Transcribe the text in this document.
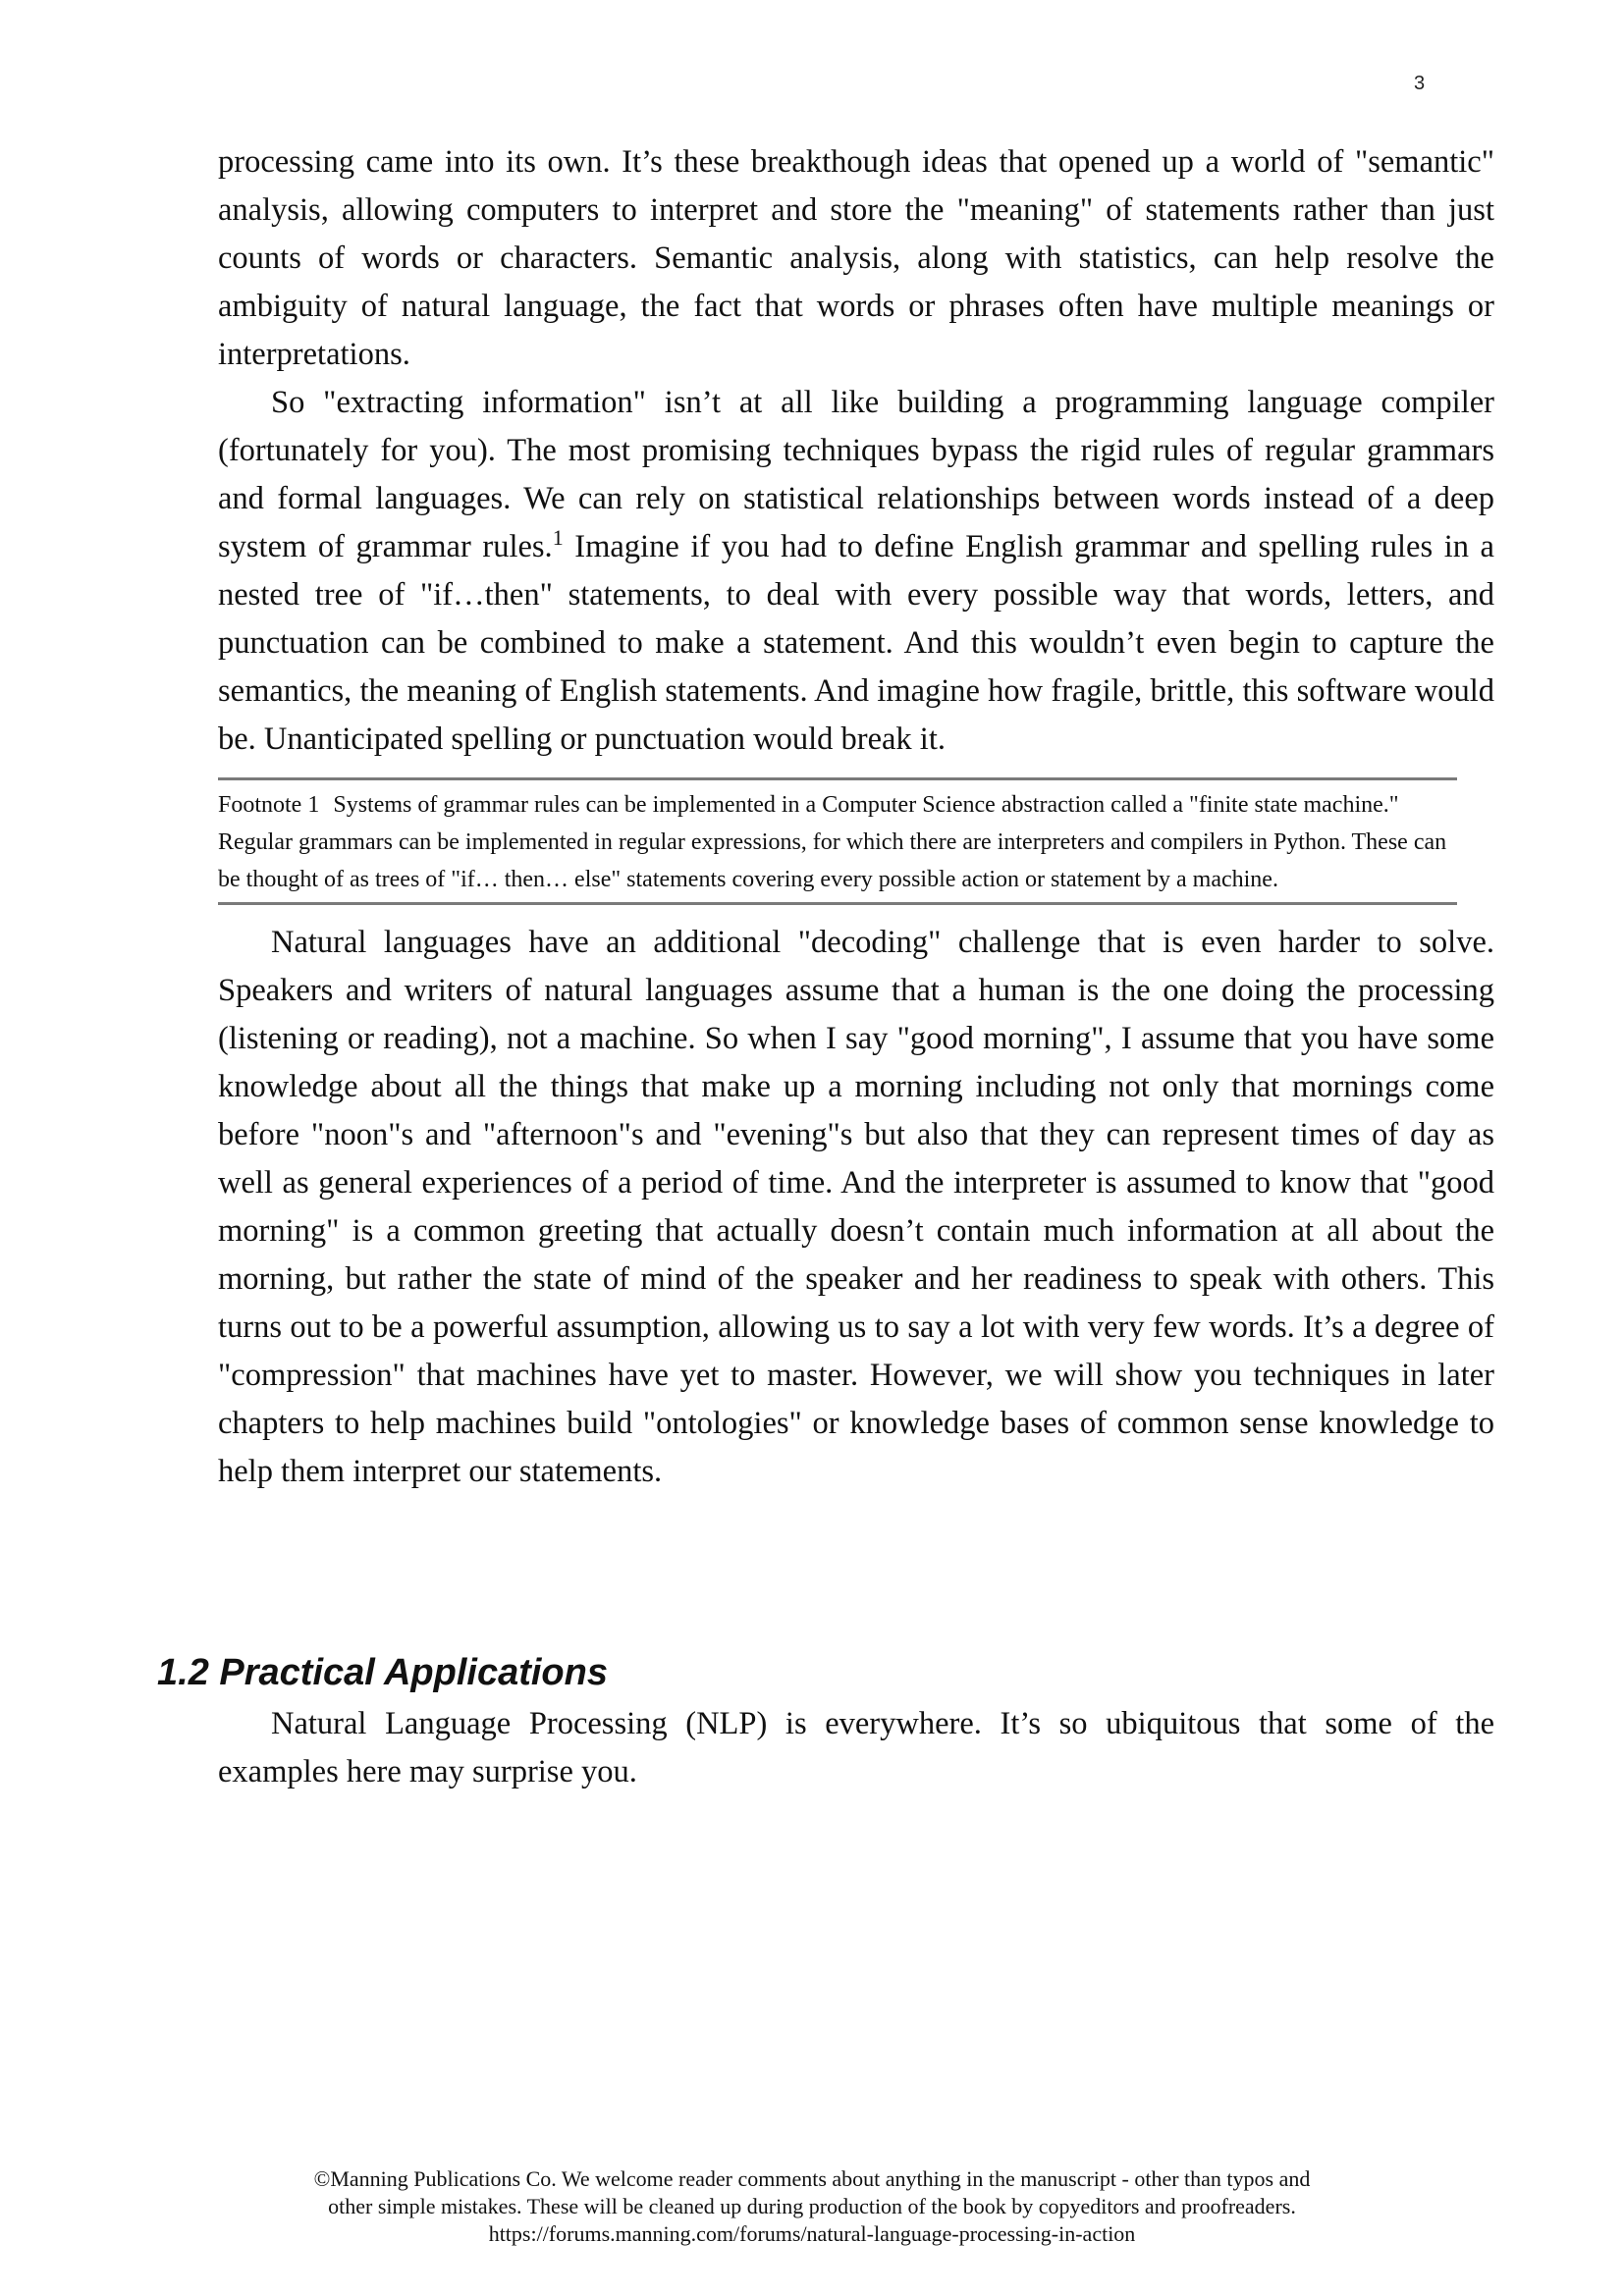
3

processing came into its own. It’s these breakthough ideas that opened up a world of "semantic" analysis, allowing computers to interpret and store the "meaning" of statements rather than just counts of words or characters. Semantic analysis, along with statistics, can help resolve the ambiguity of natural language, the fact that words or phrases often have multiple meanings or interpretations.

So "extracting information" isn’t at all like building a programming language compiler (fortunately for you). The most promising techniques bypass the rigid rules of regular grammars and formal languages. We can rely on statistical relationships between words instead of a deep system of grammar rules.$^1$ Imagine if you had to define English grammar and spelling rules in a nested tree of "if…then" statements, to deal with every possible way that words, letters, and punctuation can be combined to make a statement. And this wouldn’t even begin to capture the semantics, the meaning of English statements. And imagine how fragile, brittle, this software would be. Unanticipated spelling or punctuation would break it.

Footnote 1 Systems of grammar rules can be implemented in a Computer Science abstraction called a "finite state machine." Regular grammars can be implemented in regular expressions, for which there are interpreters and compilers in Python. These can be thought of as trees of "if… then… else" statements covering every possible action or statement by a machine.

Natural languages have an additional "decoding" challenge that is even harder to solve. Speakers and writers of natural languages assume that a human is the one doing the processing (listening or reading), not a machine. So when I say "good morning", I assume that you have some knowledge about all the things that make up a morning including not only that mornings come before "noon"s and "afternoon"s and "evening"s but also that they can represent times of day as well as general experiences of a period of time. And the interpreter is assumed to know that "good morning" is a common greeting that actually doesn’t contain much information at all about the morning, but rather the state of mind of the speaker and her readiness to speak with others. This turns out to be a powerful assumption, allowing us to say a lot with very few words. It’s a degree of "compression" that machines have yet to master. However, we will show you techniques in later chapters to help machines build "ontologies" or knowledge bases of common sense knowledge to help them interpret our statements.

1.2 Practical Applications

Natural Language Processing (NLP) is everywhere. It’s so ubiquitous that some of the examples here may surprise you.

©Manning Publications Co. We welcome reader comments about anything in the manuscript - other than typos and
other simple mistakes. These will be cleaned up during production of the book by copyeditors and proofreaders.
https://forums.manning.com/forums/natural-language-processing-in-action
